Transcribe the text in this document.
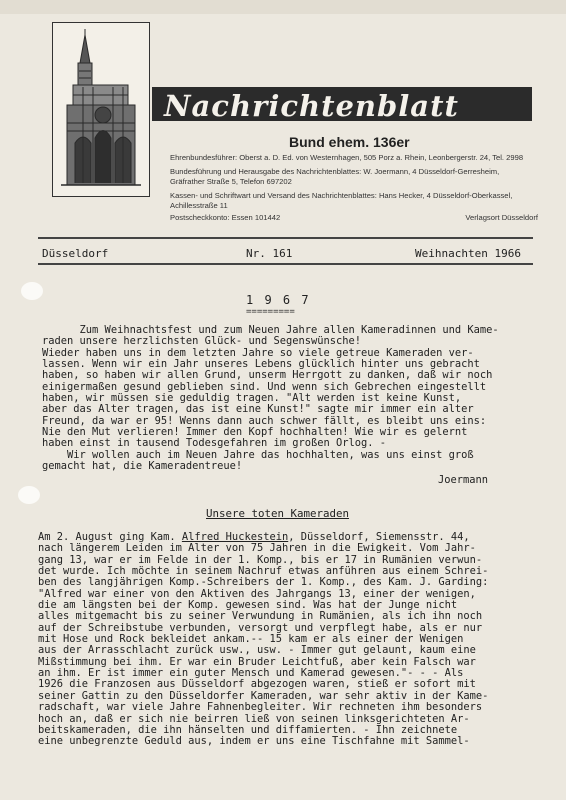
Nachrichtenblatt
Bund ehem. 136er
Ehrenbundesführer: Oberst a. D. Ed. von Westernhagen, 505 Porz a. Rhein, Leonbergerstr. 24, Tel. 2998
Bundesführung und Herausgabe des Nachrichtenblattes: W. Joermann, 4 Düsseldorf-Gerresheim,
Gräfrather Straße 5, Telefon 697202
Kassen- und Schriftwart und Versand des Nachrichtenblattes: Hans Hecker, 4 Düsseldorf-Oberkassel,
Achillesstraße 11
Postscheckkonto: Essen 101442	Verlagsort Düsseldorf
Düsseldorf	Nr. 161	Weihnachten 1966
1 9 6 7
=========
Zum Weihnachtsfest und zum Neuen Jahre allen Kameradinnen und Kame-
raden unsere herzlichsten Glück- und Segenswünsche!
Wieder haben uns in dem letzten Jahre so viele getreue Kameraden ver-
lassen. Wenn wir ein Jahr unseres Lebens glücklich hinter uns gebracht
haben, so haben wir allen Grund, unserm Herrgott zu danken, daß wir noch
einigermaßen gesund geblieben sind. Und wenn sich Gebrechen eingestellt
haben, wir müssen sie geduldig tragen. "Alt werden ist keine Kunst,
aber das Alter tragen, das ist eine Kunst!" sagte mir immer ein alter
Freund, da war er 95! Wenns dann auch schwer fällt, es bleibt uns eins:
Nie den Mut verlieren! Immer den Kopf hochhalten! Wie wir es gelernt
haben einst in tausend Todesgefahren im großen Orlog. -
Wir wollen auch im Neuen Jahre das hochhalten, was uns einst groß
gemacht hat, die Kameradentreue!
Joermann
Unsere toten Kameraden
Am 2. August ging Kam. Alfred Huckestein, Düsseldorf, Siemensstr. 44,
nach längerem Leiden im Alter von 75 Jahren in die Ewigkeit. Vom Jahr-
gang 13, war er im Felde in der 1. Komp., bis er 17 in Rumänien verwun-
det wurde. Ich möchte in seinem Nachruf etwas anführen aus einem Schrei-
ben des langjährigen Komp.-Schreibers der 1. Komp., des Kam. J. Garding:
"Alfred war einer von den Aktiven des Jahrgangs 13, einer der wenigen,
die am längsten bei der Komp. gewesen sind. Was hat der Junge nicht
alles mitgemacht bis zu seiner Verwundung in Rumänien, als ich ihn noch
auf der Schreibstube verbunden, versorgt und verpflegt habe, als er nur
mit Hose und Rock bekleidet ankam.-- 15 kam er als einer der Wenigen
aus der Arrasschlacht zurück usw., usw. - Immer gut gelaunt, kaum eine
Mißstimmung bei ihm. Er war ein Bruder Leichtfuß, aber kein Falsch war
an ihm. Er ist immer ein guter Mensch und Kamerad gewesen."- - - Als
1926 die Franzosen aus Düsseldorf abgezogen waren, stieß er sofort mit
seiner Gattin zu den Düsseldorfer Kameraden, war sehr aktiv in der Kame-
radschaft, war viele Jahre Fahnenbegleiter. Wir rechneten ihm besonders
hoch an, daß er sich nie beirren ließ von seinen linksgerichteten Ar-
beitskameraden, die ihn hänselten und diffamierten. - Ihn zeichnete
eine unbegrenzte Geduld aus, indem er uns eine Tischfahne mit Sammel-
